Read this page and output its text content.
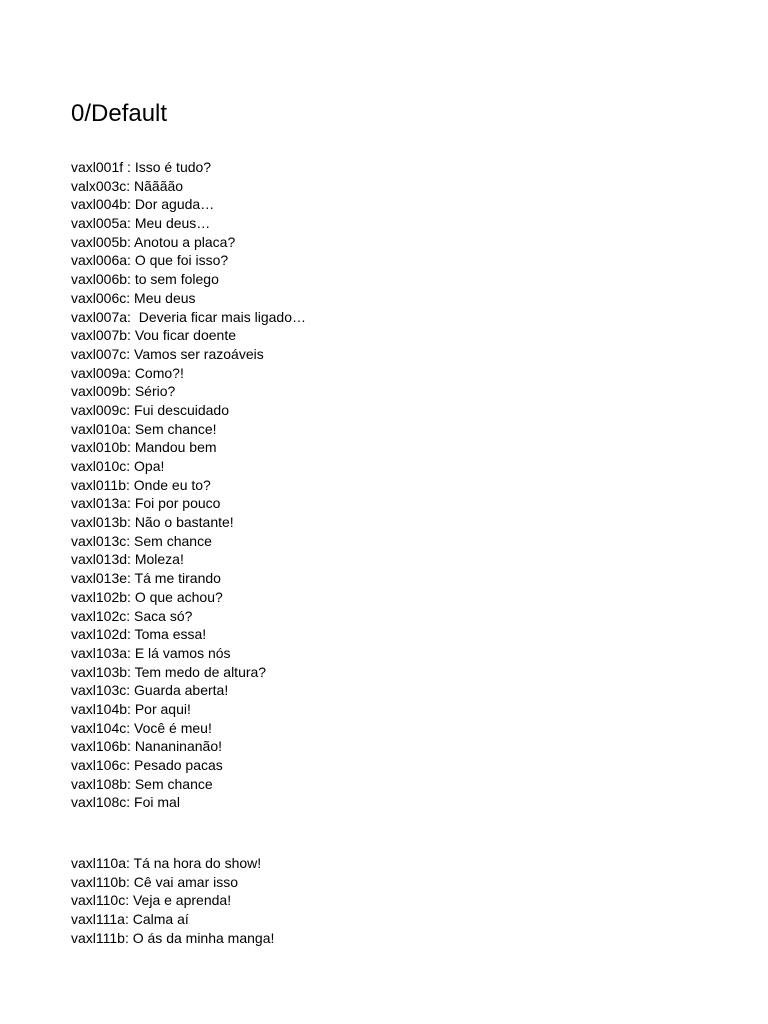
0/Default
vaxl001f : Isso é tudo?
valx003c: Nãããão
vaxl004b: Dor aguda…
vaxl005a: Meu deus…
vaxl005b: Anotou a placa?
vaxl006a: O que foi isso?
vaxl006b: to sem folego
vaxl006c: Meu deus
vaxl007a:  Deveria ficar mais ligado…
vaxl007b: Vou ficar doente
vaxl007c: Vamos ser razoáveis
vaxl009a: Como?!
vaxl009b: Sério?
vaxl009c: Fui descuidado
vaxl010a: Sem chance!
vaxl010b: Mandou bem
vaxl010c: Opa!
vaxl011b: Onde eu to?
vaxl013a: Foi por pouco
vaxl013b: Não o bastante!
vaxl013c: Sem chance
vaxl013d: Moleza!
vaxl013e: Tá me tirando
vaxl102b: O que achou?
vaxl102c: Saca só?
vaxl102d: Toma essa!
vaxl103a: E lá vamos nós
vaxl103b: Tem medo de altura?
vaxl103c: Guarda aberta!
vaxl104b: Por aqui!
vaxl104c: Você é meu!
vaxl106b: Nananinanão!
vaxl106c: Pesado pacas
vaxl108b: Sem chance
vaxl108c: Foi mal
vaxl110a: Tá na hora do show!
vaxl110b: Cê vai amar isso
vaxl110c: Veja e aprenda!
vaxl111a: Calma aí
vaxl111b: O ás da minha manga!
